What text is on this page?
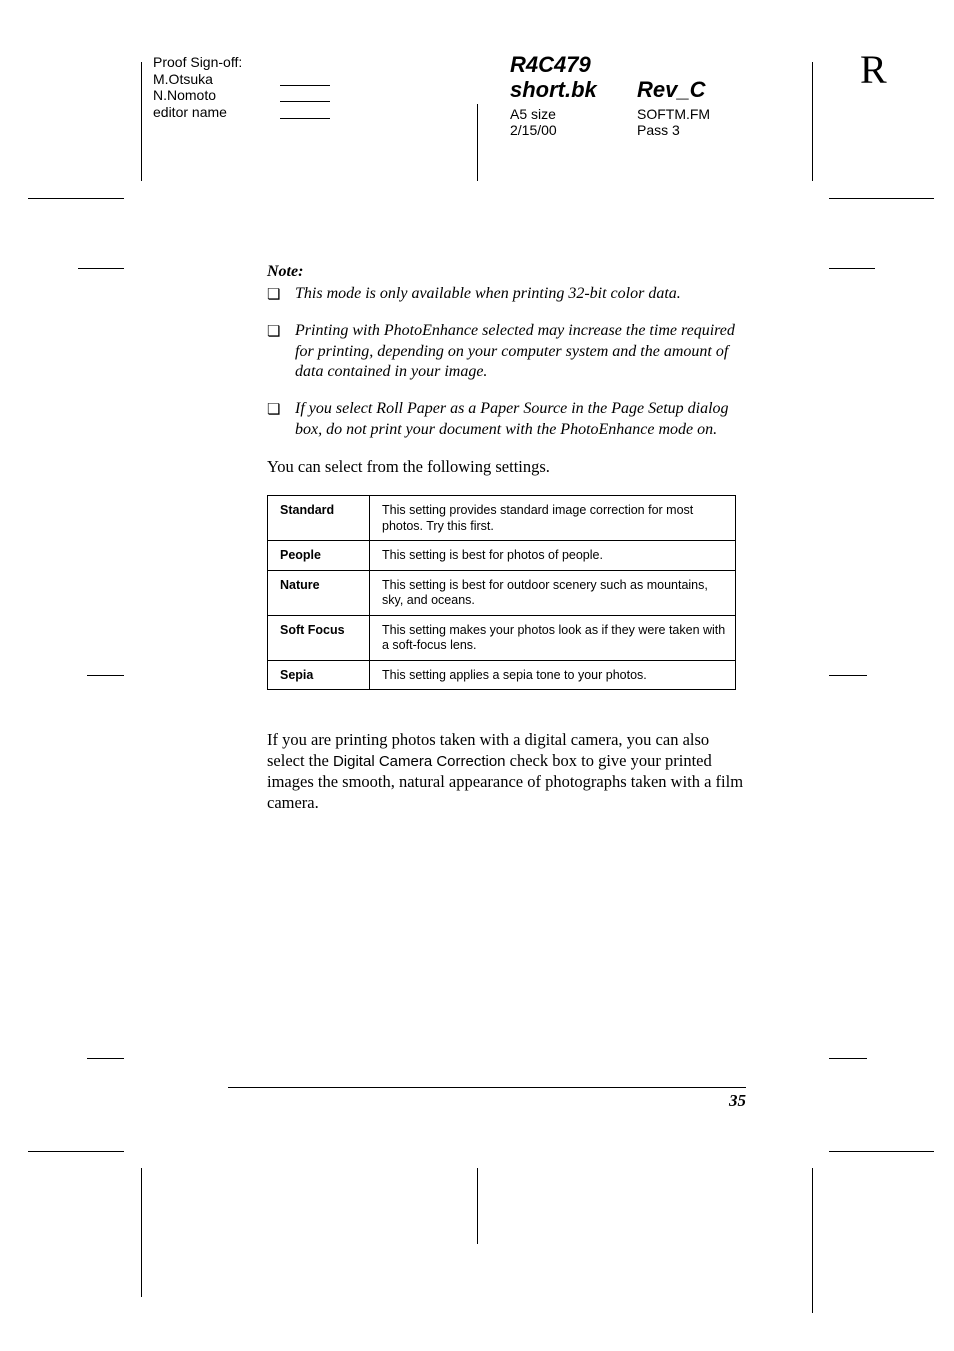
Proof Sign-off:
M.Otsuka
N.Nomoto
editor name
R4C479
short.bk Rev_C
A5 size
2/15/00
SOFTM.FM
Pass 3
R
Note:
❏ This mode is only available when printing 32-bit color data.
❏ Printing with PhotoEnhance selected may increase the time required for printing, depending on your computer system and the amount of data contained in your image.
❏ If you select Roll Paper as a Paper Source in the Page Setup dialog box, do not print your document with the PhotoEnhance mode on.
You can select from the following settings.
Standard	This setting provides standard image correction for most photos. Try this first.
People	This setting is best for photos of people.
Nature	This setting is best for outdoor scenery such as mountains, sky, and oceans.
Soft Focus	This setting makes your photos look as if they were taken with a soft-focus lens.
Sepia	This setting applies a sepia tone to your photos.
If you are printing photos taken with a digital camera, you can also select the Digital Camera Correction check box to give your printed images the smooth, natural appearance of photographs taken with a film camera.
35
